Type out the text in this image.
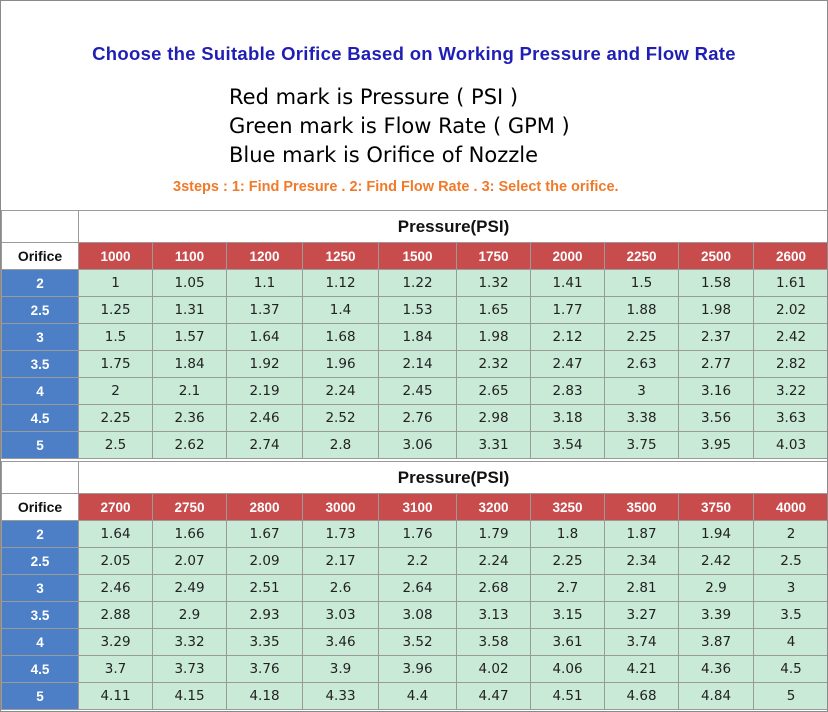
Choose the Suitable Orifice Based on Working Pressure and Flow Rate
Red mark is Pressure ( PSI )
Green mark is Flow Rate ( GPM )
Blue mark is Orifice of Nozzle
3steps : 1: Find Presure . 2: Find Flow Rate . 3: Select the orifice.
	Pressure(PSI)									
Orifice	1000	1100	1200	1250	1500	1750	2000	2250	2500	2600
2	1	1.05	1.1	1.12	1.22	1.32	1.41	1.5	1.58	1.61
2.5	1.25	1.31	1.37	1.4	1.53	1.65	1.77	1.88	1.98	2.02
3	1.5	1.57	1.64	1.68	1.84	1.98	2.12	2.25	2.37	2.42
3.5	1.75	1.84	1.92	1.96	2.14	2.32	2.47	2.63	2.77	2.82
4	2	2.1	2.19	2.24	2.45	2.65	2.83	3	3.16	3.22
4.5	2.25	2.36	2.46	2.52	2.76	2.98	3.18	3.38	3.56	3.63
5	2.5	2.62	2.74	2.8	3.06	3.31	3.54	3.75	3.95	4.03
	Pressure(PSI)									
Orifice	2700	2750	2800	3000	3100	3200	3250	3500	3750	4000
2	1.64	1.66	1.67	1.73	1.76	1.79	1.8	1.87	1.94	2
2.5	2.05	2.07	2.09	2.17	2.2	2.24	2.25	2.34	2.42	2.5
3	2.46	2.49	2.51	2.6	2.64	2.68	2.7	2.81	2.9	3
3.5	2.88	2.9	2.93	3.03	3.08	3.13	3.15	3.27	3.39	3.5
4	3.29	3.32	3.35	3.46	3.52	3.58	3.61	3.74	3.87	4
4.5	3.7	3.73	3.76	3.9	3.96	4.02	4.06	4.21	4.36	4.5
5	4.11	4.15	4.18	4.33	4.4	4.47	4.51	4.68	4.84	5
